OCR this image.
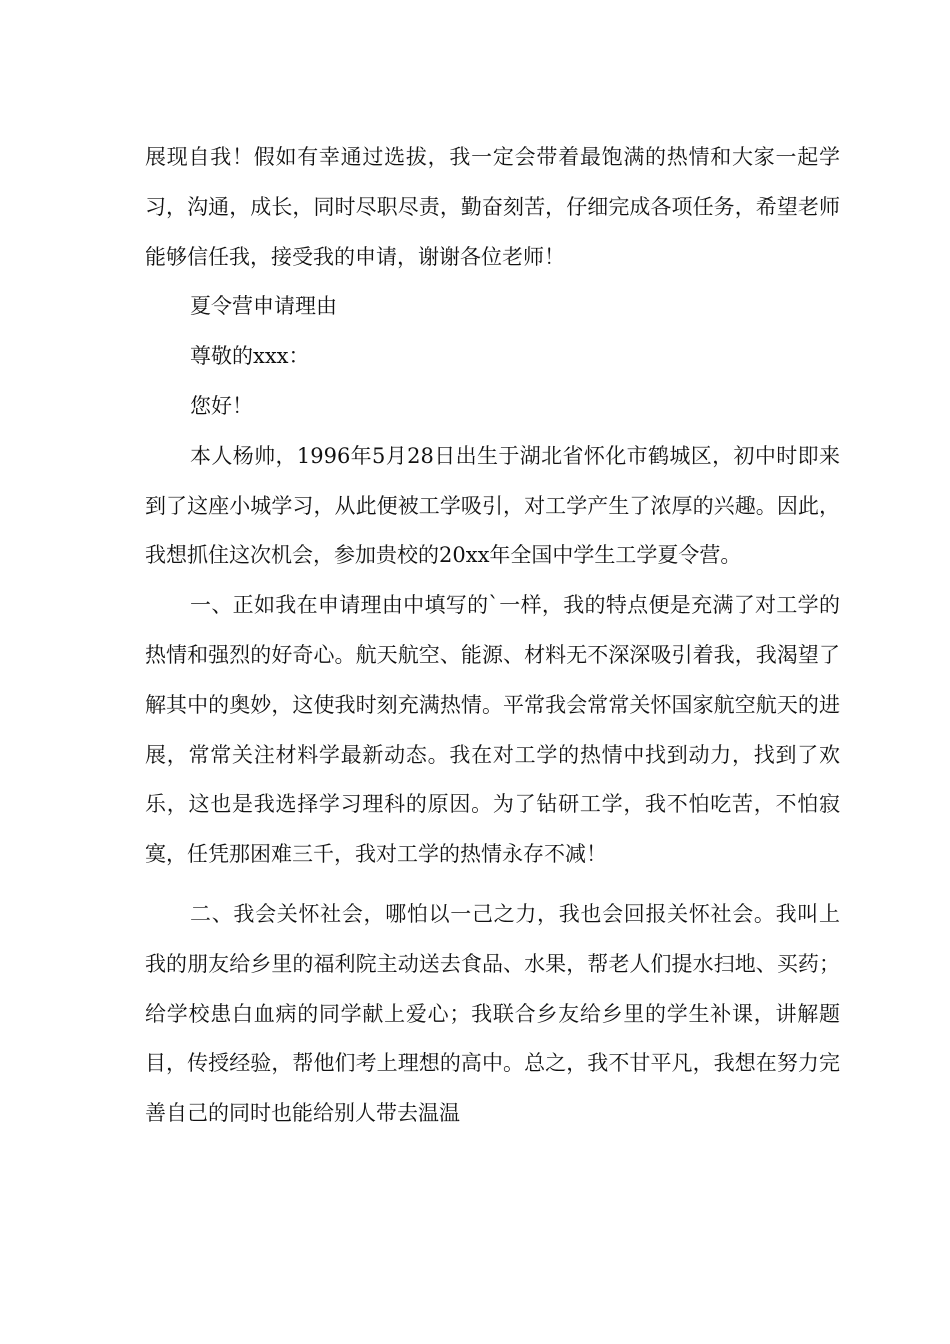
展现自我！假如有幸通过选拔，我一定会带着最饱满的热情和大家一起学习，沟通，成长，同时尽职尽责，勤奋刻苦，仔细完成各项任务，希望老师能够信任我，接受我的申请，谢谢各位老师！

夏令营申请理由

尊敬的xxx：

您好！

本人杨帅，1996年5月28日出生于湖北省怀化市鹤城区，初中时即来到了这座小城学习，从此便被工学吸引，对工学产生了浓厚的兴趣。因此，我想抓住这次机会，参加贵校的20xx年全国中学生工学夏令营。

一、正如我在申请理由中填写的`一样，我的特点便是充满了对工学的热情和强烈的好奇心。航天航空、能源、材料无不深深吸引着我，我渴望了解其中的奥妙，这使我时刻充满热情。平常我会常常关怀国家航空航天的进展，常常关注材料学最新动态。我在对工学的热情中找到动力，找到了欢乐，这也是我选择学习理科的原因。为了钻研工学，我不怕吃苦，不怕寂寞，任凭那困难三千，我对工学的热情永存不减！

二、我会关怀社会，哪怕以一己之力，我也会回报关怀社会。我叫上我的朋友给乡里的福利院主动送去食品、水果，帮老人们提水扫地、买药；给学校患白血病的同学献上爱心；我联合乡友给乡里的学生补课，讲解题目，传授经验，帮他们考上理想的高中。总之，我不甘平凡，我想在努力完善自己的同时也能给别人带去温温
